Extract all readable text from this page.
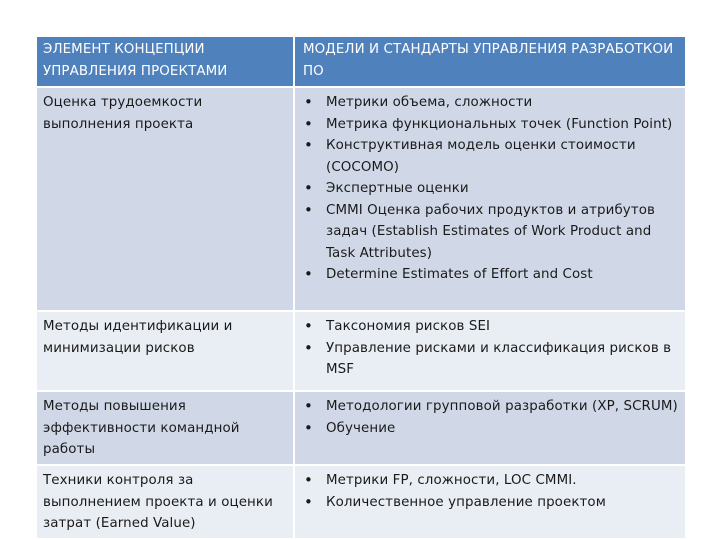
ЭЛЕМЕНТ КОНЦЕПЦИИ УПРАВЛЕНИЯ ПРОЕКТАМИ
МОДЕЛИ И СТАНДАРТЫ УПРАВЛЕНИЯ РАЗРАБОТКОИ ПО
Оценка трудоемкости выполнения проекта
• Метрики объема, сложности
• Метрика функциональных точек (Function Point)
• Конструктивная модель оценки стоимости (COCOMO)
• Экспертные оценки
• CMMI Оценка рабочих продуктов и атрибутов задач (Establish Estimates of Work Product and Task Attributes)
• Determine Estimates of Effort and Cost
Методы идентификации и минимизации рисков
• Таксономия рисков SEI
• Управление рисками и классификация рисков в MSF
Методы повышения эффективности командной работы
• Методологии групповой разработки (XP, SCRUM)
• Обучение
Техники контроля за выполнением проекта и оценки затрат (Earned Value)
• Метрики FP, сложности, LOC CMMI.
• Количественное управление проектом
